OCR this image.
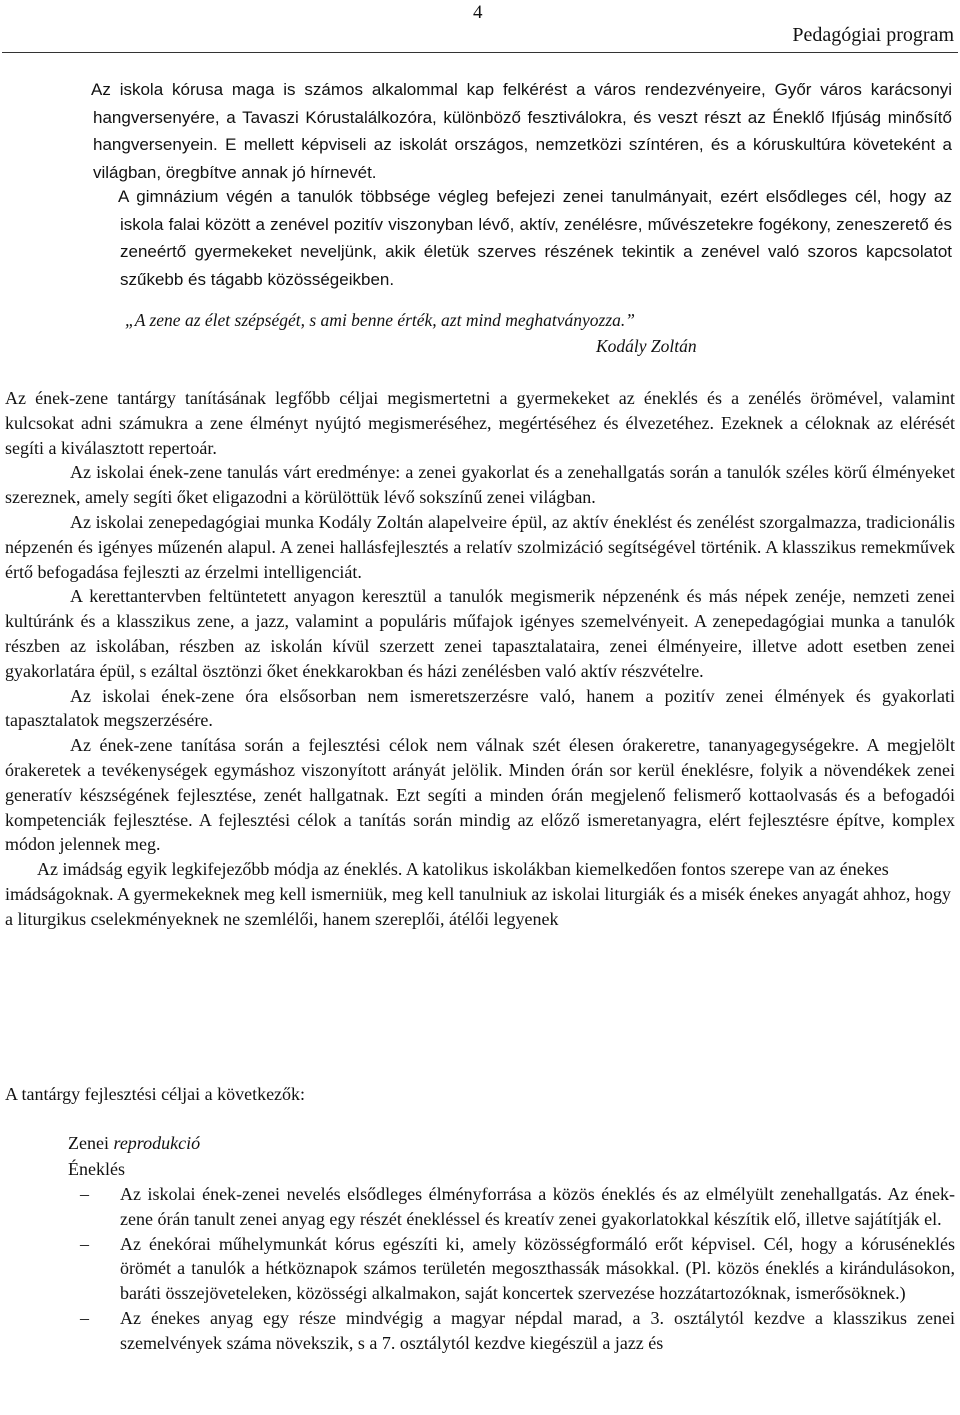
4
Pedagógiai program

Az iskola kórusa maga is számos alkalommal kap felkérést a város rendezvényeire, Győr város karácsonyi hangversenyére, a Tavaszi Kórustalálkozóra, különböző fesztiválokra, és veszt részt az Éneklő Ifjúság minősítő hangversenyein. E mellett képviseli az iskolát országos, nemzetközi színtéren, és a kóruskultúra követeként a világban, öregbítve annak jó hírnevét.

A gimnázium végén a tanulók többsége végleg befejezi zenei tanulmányait, ezért elsődleges cél, hogy az iskola falai között a zenével pozitív viszonyban lévő, aktív, zenélésre, művészetekre fogékony, zeneszerető és zeneértő gyermekeket neveljünk, akik életük szerves részének tekintik a zenével való szoros kapcsolatot szűkebb és tágabb közösségeikben.

„A zene az élet szépségét, s ami benne érték, azt mind meghatványozza.”
Kodály Zoltán

Az ének-zene tantárgy tanításának legfőbb céljai megismertetni a gyermekeket az éneklés és a zenélés örömével, valamint kulcsokat adni számukra a zene élményt nyújtó megismeréséhez, megértéséhez és élvezetéhez. Ezeknek a céloknak az elérését segíti a kiválasztott repertoár.

Az iskolai ének-zene tanulás várt eredménye: a zenei gyakorlat és a zenehallgatás során a tanulók széles körű élményeket szereznek, amely segíti őket eligazodni a körülöttük lévő sokszínű zenei világban.

Az iskolai zenepedagógiai munka Kodály Zoltán alapelveire épül, az aktív éneklést és zenélést szorgalmazza, tradicionális népzenén és igényes műzenén alapul. A zenei hallásfejlesztés a relatív szolmizáció segítségével történik. A klasszikus remekművek értő befogadása fejleszti az érzelmi intelligenciát.

A kerettantervben feltüntetett anyagon keresztül a tanulók megismerik népzenénk és más népek zenéje, nemzeti zenei kultúránk és a klasszikus zene, a jazz, valamint a populáris műfajok igényes szemelvényeit. A zenepedagógiai munka a tanulók részben az iskolában, részben az iskolán kívül szerzett zenei tapasztalataira, zenei élményeire, illetve adott esetben zenei gyakorlatára épül, s ezáltal ösztönzi őket énekkarokban és házi zenélésben való aktív részvételre.

Az iskolai ének-zene óra elsősorban nem ismeretszerzésre való, hanem a pozitív zenei élmények és gyakorlati tapasztalatok megszerzésére.

Az ének-zene tanítása során a fejlesztési célok nem válnak szét élesen órakeretre, tananyagegységekre. A megjelölt órakeretek a tevékenységek egymáshoz viszonyított arányát jelölik. Minden órán sor kerül éneklésre, folyik a növendékek zenei generatív készségének fejlesztése, zenét hallgatnak. Ezt segíti a minden órán megjelenő felismerő kottaolvasás és a befogadói kompetenciák fejlesztése. A fejlesztési célok a tanítás során mindig az előző ismeretanyagra, elért fejlesztésre építve, komplex módon jelennek meg.

Az imádság egyik legkifejezőbb módja az éneklés. A katolikus iskolákban kiemelkedően fontos szerepe van az énekes imádságoknak. A gyermekeknek meg kell ismerniük, meg kell tanulniuk az iskolai liturgiák és a misék énekes anyagát ahhoz, hogy a liturgikus cselekményeknek ne szemlélői, hanem szereplői, átélői legyenek

A tantárgy fejlesztési céljai a következők:
Zenei reprodukció
Éneklés
– Az iskolai ének-zenei nevelés elsődleges élményforrása a közös éneklés és az elmélyült zenehallgatás. Az ének-zene órán tanult zenei anyag egy részét énekléssel és kreatív zenei gyakorlatokkal készítik elő, illetve sajátítják el.
– Az énekórai műhelymunkát kórus egészíti ki, amely közösségformáló erőt képvisel. Cél, hogy a kóruséneklés örömét a tanulók a hétköznapok számos területén megoszthassák másokkal. (Pl. közös éneklés a kirándulásokon, baráti összejöveteleken, közösségi alkalmakon, saját koncertek szervezése hozzátartozóknak, ismerősöknek.)
– Az énekes anyag egy része mindvégig a magyar népdal marad, a 3. osztálytól kezdve a klasszikus zenei szemelvények száma növekszik, s a 7. osztálytól kezdve kiegészül a jazz és
